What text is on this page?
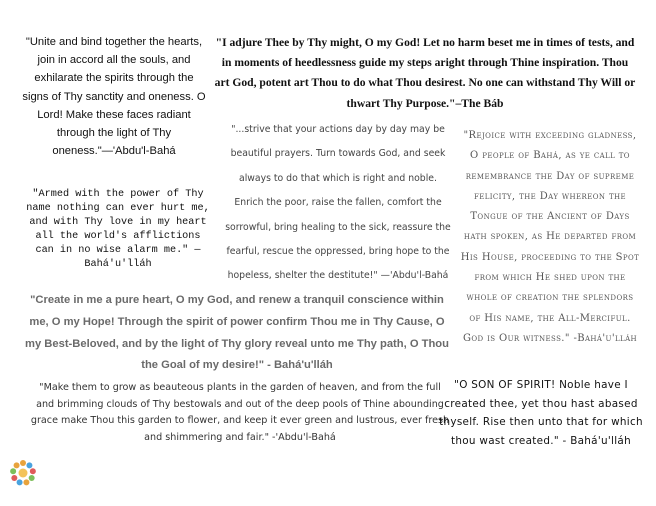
"Unite and bind together the hearts, join in accord all the souls, and exhilarate the spirits through the signs of Thy sanctity and oneness. O Lord! Make these faces radiant through the light of Thy oneness."—'Abdu'l-Bahá

"I adjure Thee by Thy might, O my God! Let no harm beset me in times of tests, and in moments of heedlessness guide my steps aright through Thine inspiration. Thou art God, potent art Thou to do what Thou desirest. No one can withstand Thy Will or thwart Thy Purpose."–The Báb

"Armed with the power of Thy name nothing can ever hurt me, and with Thy love in my heart all the world's afflictions can in no wise alarm me." —Bahá'u'lláh

"...strive that your actions day by day may be beautiful prayers. Turn towards God, and seek always to do that which is right and noble. Enrich the poor, raise the fallen, comfort the sorrowful, bring healing to the sick, reassure the fearful, rescue the oppressed, bring hope to the hopeless, shelter the destitute!" —'Abdu'l-Bahá

"Rejoice with exceeding gladness, O people of Bahá, as ye call to remembrance the Day of supreme felicity, the Day whereon the Tongue of the Ancient of Days hath spoken, as He departed from His House, proceeding to the Spot from which He shed upon the whole of creation the splendors of His name, the All-Merciful. God is Our witness." -Bahá'u'lláh

"Create in me a pure heart, O my God, and renew a tranquil conscience within me, O my Hope! Through the spirit of power confirm Thou me in Thy Cause, O my Best-Beloved, and by the light of Thy glory reveal unto me Thy path, O Thou the Goal of my desire!" - Bahá'u'lláh

"Make them to grow as beauteous plants in the garden of heaven, and from the full and brimming clouds of Thy bestowals and out of the deep pools of Thine abounding grace make Thou this garden to flower, and keep it ever green and lustrous, ever fresh and shimmering and fair." -'Abdu'l-Bahá

"O SON OF SPIRIT! Noble have I created thee, yet thou hast abased thyself. Rise then unto that for which thou wast created." - Bahá'u'lláh
